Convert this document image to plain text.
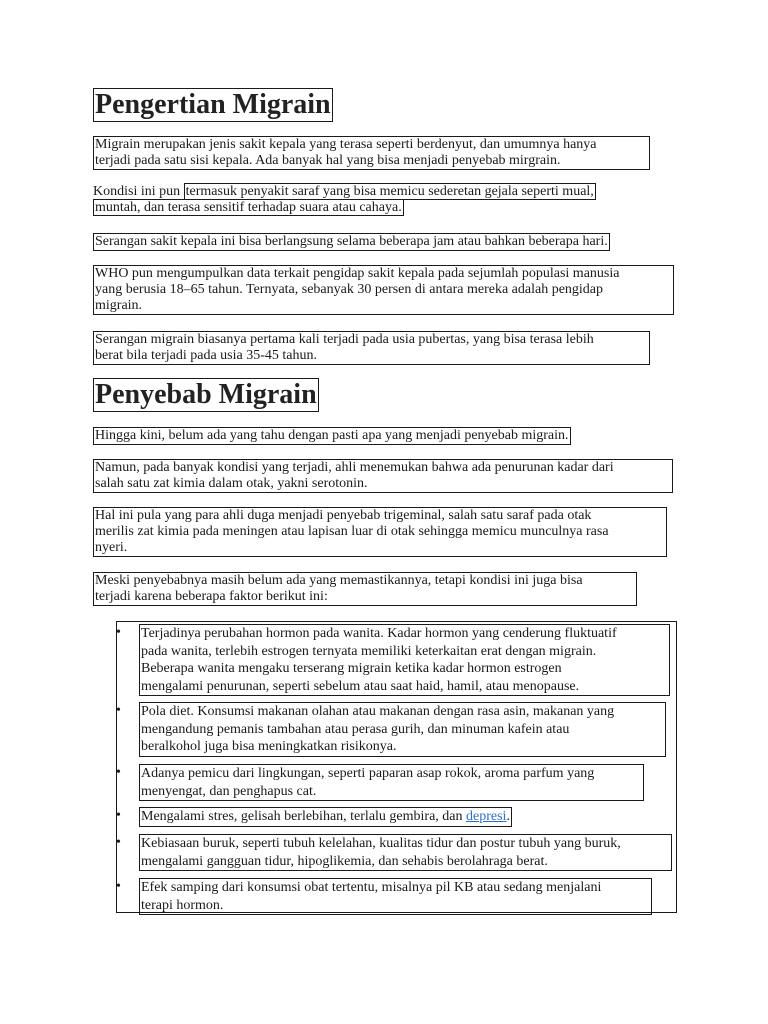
Pengertian Migrain
Migrain merupakan jenis sakit kepala yang terasa seperti berdenyut, dan umumnya hanya
terjadi pada satu sisi kepala. Ada banyak hal yang bisa menjadi penyebab mirgrain.
Kondisi ini pun termasuk penyakit saraf yang bisa memicu sederetan gejala seperti mual,
muntah, dan terasa sensitif terhadap suara atau cahaya.
Serangan sakit kepala ini bisa berlangsung selama beberapa jam atau bahkan beberapa hari.
WHO pun mengumpulkan data terkait pengidap sakit kepala pada sejumlah populasi manusia
yang berusia 18–65 tahun. Ternyata, sebanyak 30 persen di antara mereka adalah pengidap
migrain.
Serangan migrain biasanya pertama kali terjadi pada usia pubertas, yang bisa terasa lebih
berat bila terjadi pada usia 35-45 tahun.
Penyebab Migrain
Hingga kini, belum ada yang tahu dengan pasti apa yang menjadi penyebab migrain.
Namun, pada banyak kondisi yang terjadi, ahli menemukan bahwa ada penurunan kadar dari
salah satu zat kimia dalam otak, yakni serotonin.
Hal ini pula yang para ahli duga menjadi penyebab trigeminal, salah satu saraf pada otak
merilis zat kimia pada meningen atau lapisan luar di otak sehingga memicu munculnya rasa
nyeri.
Meski penyebabnya masih belum ada yang memastikannya, tetapi kondisi ini juga bisa
terjadi karena beberapa faktor berikut ini:
• Terjadinya perubahan hormon pada wanita. Kadar hormon yang cenderung fluktuatif
pada wanita, terlebih estrogen ternyata memiliki keterkaitan erat dengan migrain.
Beberapa wanita mengaku terserang migrain ketika kadar hormon estrogen
mengalami penurunan, seperti sebelum atau saat haid, hamil, atau menopause.
• Pola diet. Konsumsi makanan olahan atau makanan dengan rasa asin, makanan yang
mengandung pemanis tambahan atau perasa gurih, dan minuman kafein atau
beralkohol juga bisa meningkatkan risikonya.
• Adanya pemicu dari lingkungan, seperti paparan asap rokok, aroma parfum yang
menyengat, dan penghapus cat.
• Mengalami stres, gelisah berlebihan, terlalu gembira, dan depresi.
• Kebiasaan buruk, seperti tubuh kelelahan, kualitas tidur dan postur tubuh yang buruk,
mengalami gangguan tidur, hipoglikemia, dan sehabis berolahraga berat.
• Efek samping dari konsumsi obat tertentu, misalnya pil KB atau sedang menjalani
terapi hormon.
